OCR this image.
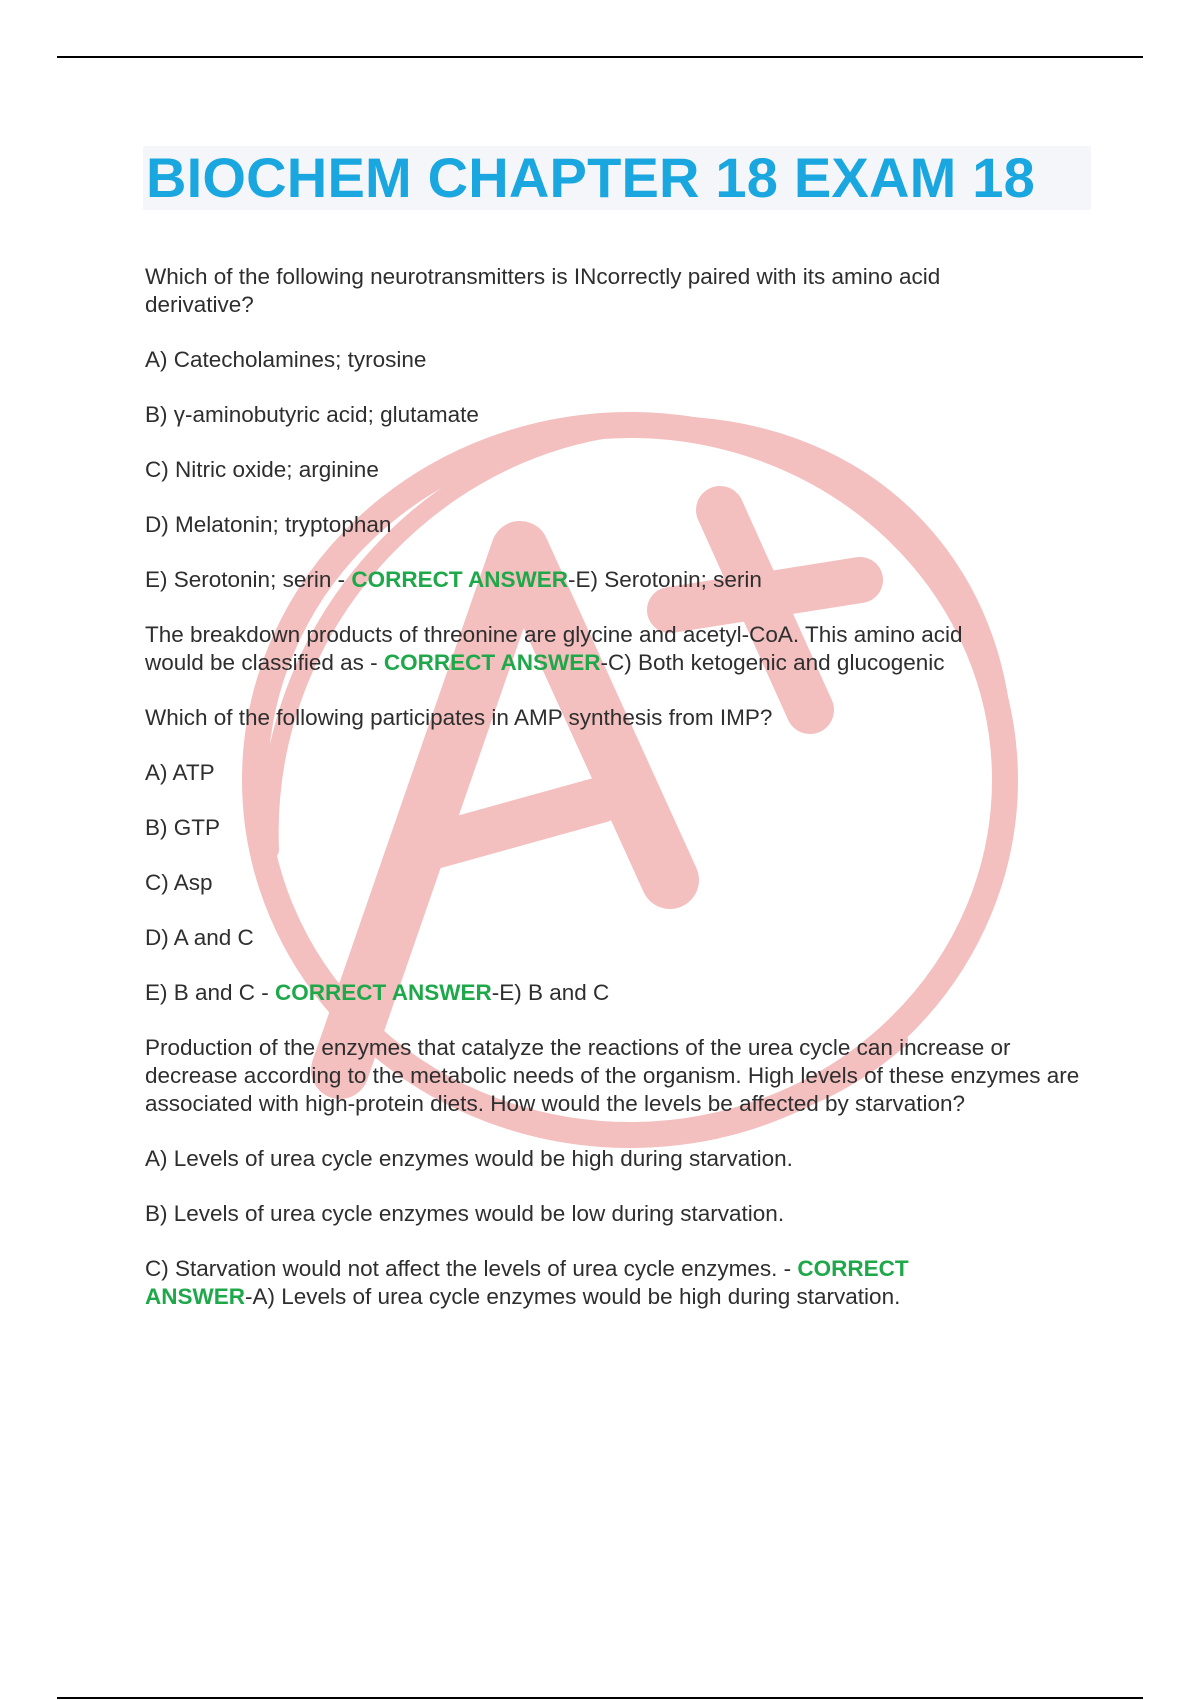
BIOCHEM CHAPTER 18 EXAM 18

Which of the following neurotransmitters is INcorrectly paired with its amino acid derivative?

A) Catecholamines; tyrosine

B) γ-aminobutyric acid; glutamate

C) Nitric oxide; arginine

D) Melatonin; tryptophan

E) Serotonin; serin - CORRECT ANSWER-E) Serotonin; serin

The breakdown products of threonine are glycine and acetyl-CoA. This amino acid would be classified as - CORRECT ANSWER-C) Both ketogenic and glucogenic

Which of the following participates in AMP synthesis from IMP?

A) ATP

B) GTP

C) Asp

D) A and C

E) B and C - CORRECT ANSWER-E) B and C

Production of the enzymes that catalyze the reactions of the urea cycle can increase or decrease according to the metabolic needs of the organism. High levels of these enzymes are associated with high-protein diets. How would the levels be affected by starvation?

A) Levels of urea cycle enzymes would be high during starvation.

B) Levels of urea cycle enzymes would be low during starvation.

C) Starvation would not affect the levels of urea cycle enzymes. - CORRECT ANSWER-A) Levels of urea cycle enzymes would be high during starvation.
